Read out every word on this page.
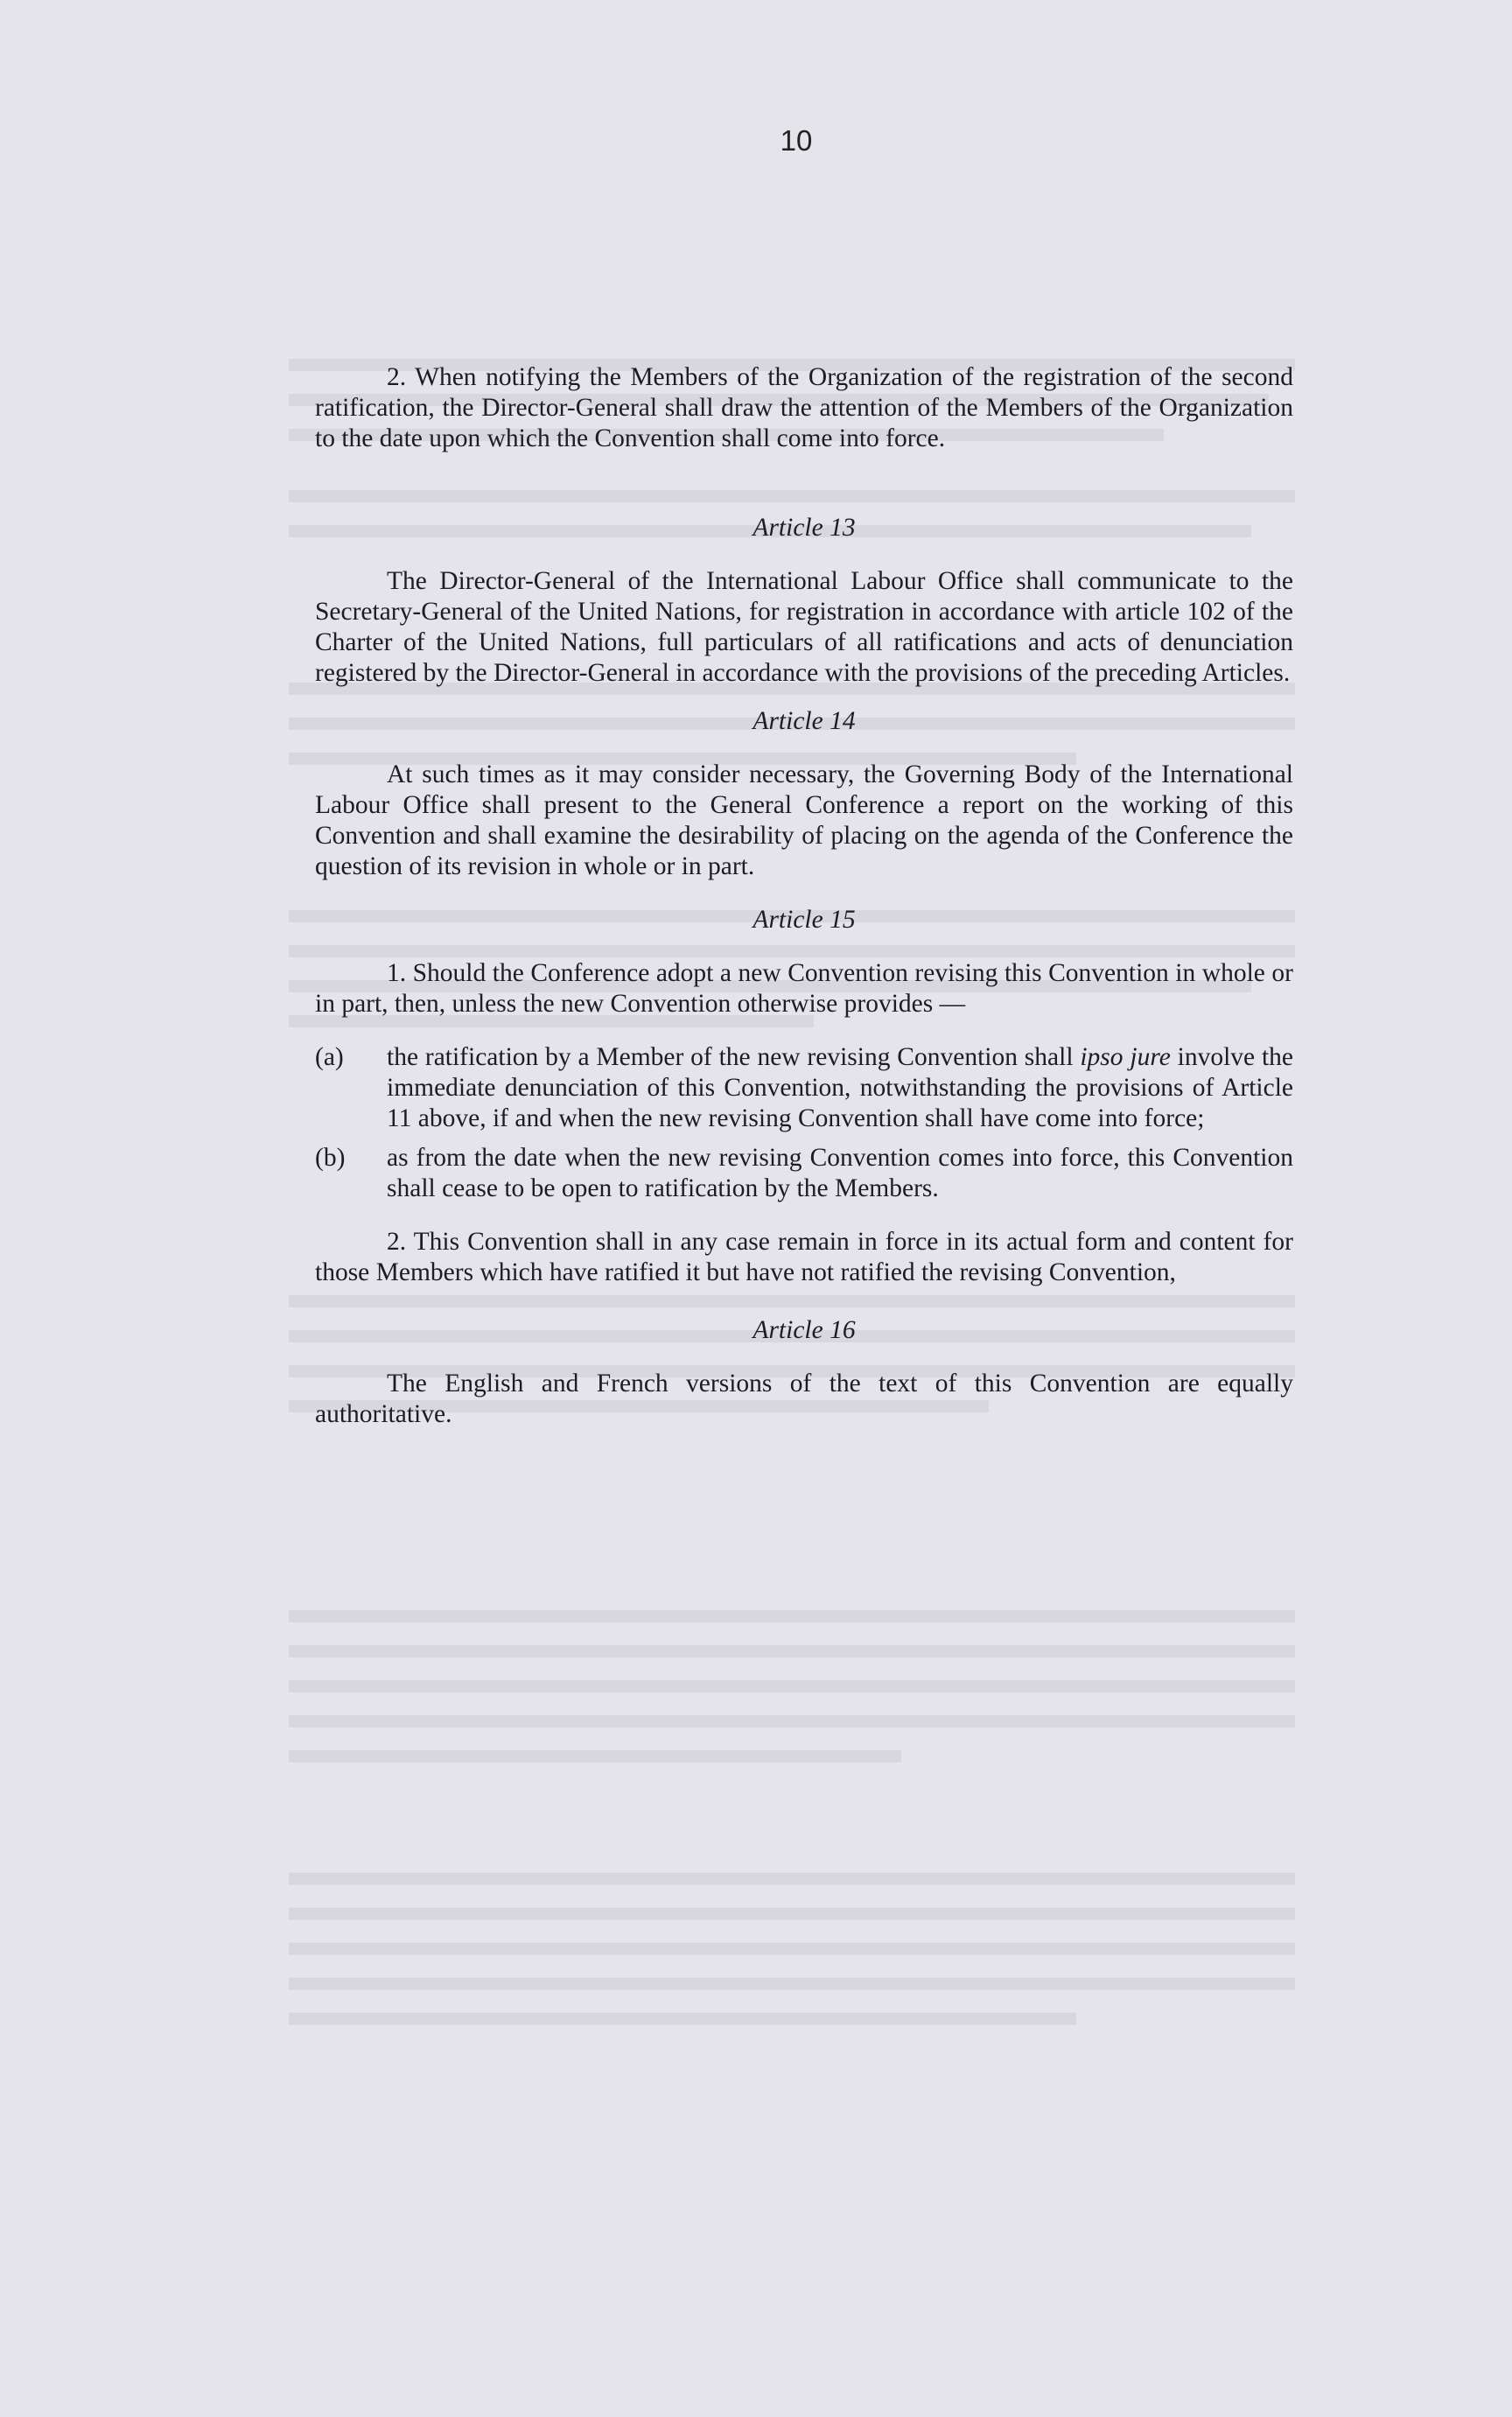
10

2. When notifying the Members of the Organization of the registration of the second ratification, the Director-General shall draw the attention of the Members of the Organization to the date upon which the Convention shall come into force.

Article 13

The Director-General of the International Labour Office shall communicate to the Secretary-General of the United Nations, for registration in accordance with article 102 of the Charter of the United Nations, full particulars of all ratifications and acts of denunciation registered by the Director-General in accordance with the provisions of the preceding Articles.

Article 14

At such times as it may consider necessary, the Governing Body of the International Labour Office shall present to the General Conference a report on the working of this Convention and shall examine the desirability of placing on the agenda of the Conference the question of its revision in whole or in part.

Article 15

1. Should the Conference adopt a new Convention revising this Convention in whole or in part, then, unless the new Convention otherwise provides —

(a)	the ratification by a Member of the new revising Convention shall ipso jure involve the immediate denunciation of this Convention, notwithstanding the provisions of Article 11 above, if and when the new revising Convention shall have come into force;
(b)	as from the date when the new revising Convention comes into force, this Convention shall cease to be open to ratification by the Members.

2. This Convention shall in any case remain in force in its actual form and content for those Members which have ratified it but have not ratified the revising Convention,

Article 16

The English and French versions of the text of this Convention are equally authoritative.
